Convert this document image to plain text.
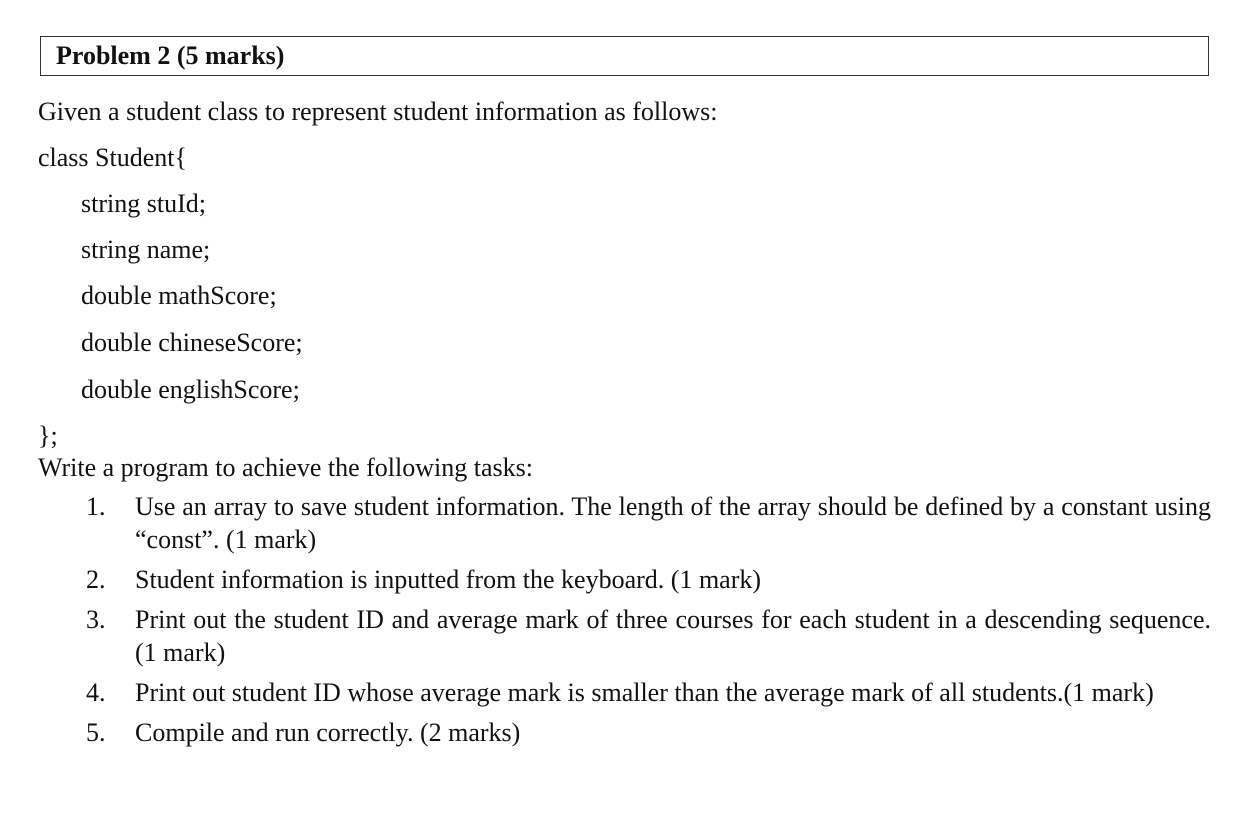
Problem 2 (5 marks)
Given a student class to represent student information as follows:
class Student{
string stuId;
string name;
double mathScore;
double chineseScore;
double englishScore;
};
Write a program to achieve the following tasks:
1.	Use an array to save student information. The length of the array should be defined by a constant using “const”. (1 mark)
2.	Student information is inputted from the keyboard. (1 mark)
3.	Print out the student ID and average mark of three courses for each student in a descending sequence.(1 mark)
4.	Print out student ID whose average mark is smaller than the average mark of all students.(1 mark)
5.	Compile and run correctly. (2 marks)
